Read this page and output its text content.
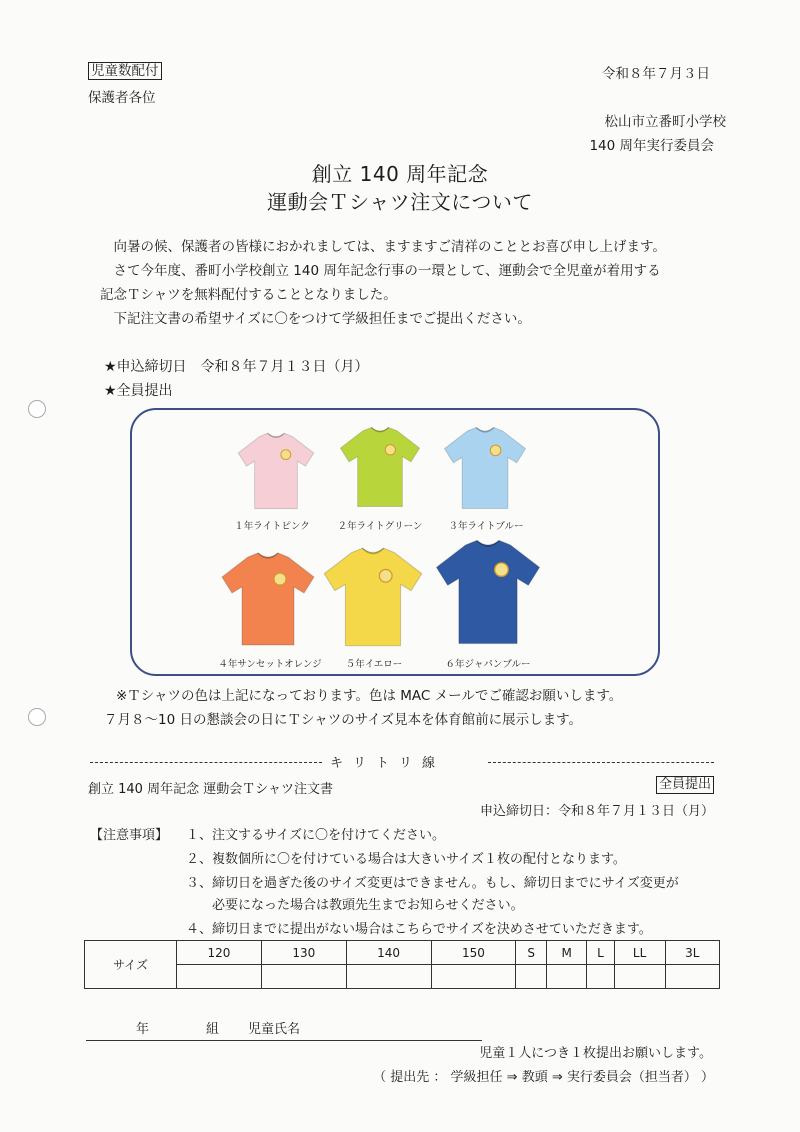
児童数配付
保護者各位
令和８年７月３日
松山市立番町小学校
140 周年実行委員会
創立 140 周年記念
運動会Ｔシャツ注文について
　向暑の候、保護者の皆様におかれましては、ますますご清祥のこととお喜び申し上げます。
　さて今年度、番町小学校創立 140 周年記念行事の一環として、運動会で全児童が着用する
記念Ｔシャツを無料配付することとなりました。
　下記注文書の希望サイズに〇をつけて学級担任までご提出ください。
★申込締切日　令和８年７月１３日（月）
★全員提出
１年ライトピンク	２年ライトグリーン	３年ライトブルー
４年サンセットオレンジ	５年イエロー	６年ジャパンブルー
※Ｔシャツの色は上記になっております。色は MAC メールでご確認お願いします。
７月８～10 日の懇談会の日にＴシャツのサイズ見本を体育館前に展示します。
キリトリ線
創立 140 周年記念 運動会Ｔシャツ注文書	全員提出
申込締切日：令和８年７月１３日（月）
【注意事項】 １、注文するサイズに〇を付けてください。
２、複数個所に〇を付けている場合は大きいサイズ１枚の配付となります。
３、締切日を過ぎた後のサイズ変更はできません。もし、締切日までにサイズ変更が
　　必要になった場合は教頭先生までお知らせください。
４、締切日までに提出がない場合はこちらでサイズを決めさせていただきます。
サイズ	120	130	140	150	S	M	L	LL	3L

年	組 児童氏名
児童１人につき１枚提出お願いします。
（ 提出先 ： 学級担任 ⇒ 教頭 ⇒ 実行委員会（担当者） ）
